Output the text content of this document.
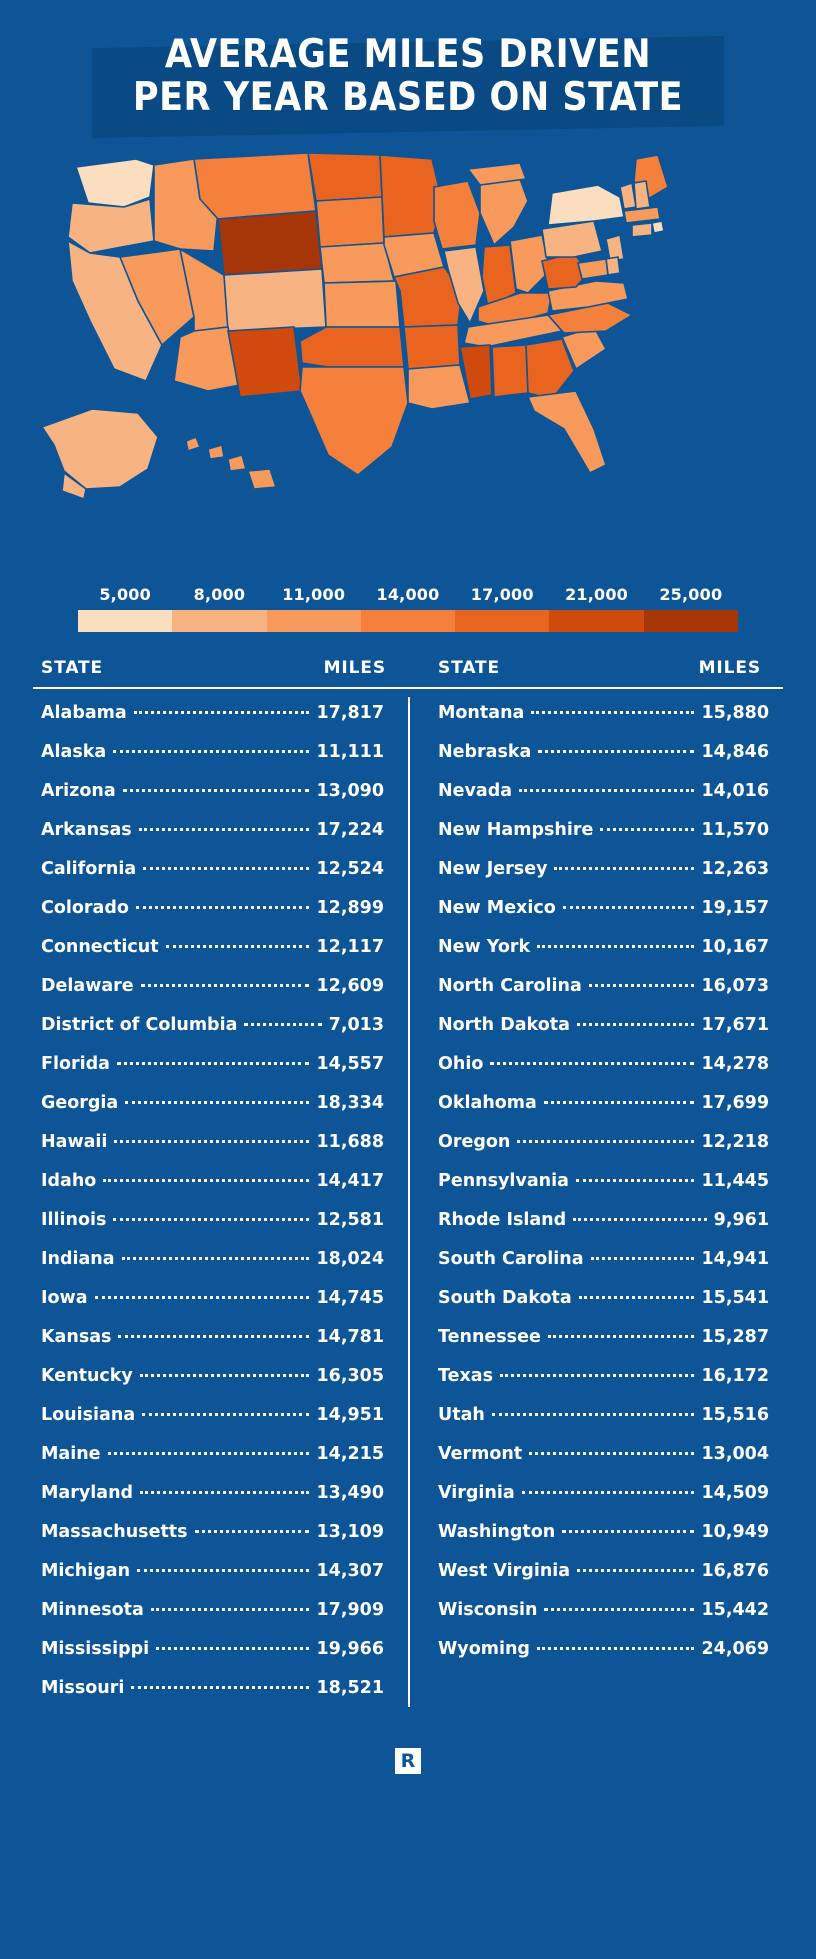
AVERAGE MILES DRIVEN
PER YEAR BASED ON STATE
5,000	8,000	11,000	14,000	17,000	21,000	25,000
STATE	MILES	STATE	MILES
Alabama	17,817
Alaska	11,111
Arizona	13,090
Arkansas	17,224
California	12,524
Colorado	12,899
Connecticut	12,117
Delaware	12,609
District of Columbia	7,013
Florida	14,557
Georgia	18,334
Hawaii	11,688
Idaho	14,417
Illinois	12,581
Indiana	18,024
Iowa	14,745
Kansas	14,781
Kentucky	16,305
Louisiana	14,951
Maine	14,215
Maryland	13,490
Massachusetts	13,109
Michigan	14,307
Minnesota	17,909
Mississippi	19,966
Missouri	18,521
Montana	15,880
Nebraska	14,846
Nevada	14,016
New Hampshire	11,570
New Jersey	12,263
New Mexico	19,157
New York	10,167
North Carolina	16,073
North Dakota	17,671
Ohio	14,278
Oklahoma	17,699
Oregon	12,218
Pennsylvania	11,445
Rhode Island	9,961
South Carolina	14,941
South Dakota	15,541
Tennessee	15,287
Texas	16,172
Utah	15,516
Vermont	13,004
Virginia	14,509
Washington	10,949
West Virginia	16,876
Wisconsin	15,442
Wyoming	24,069
R
